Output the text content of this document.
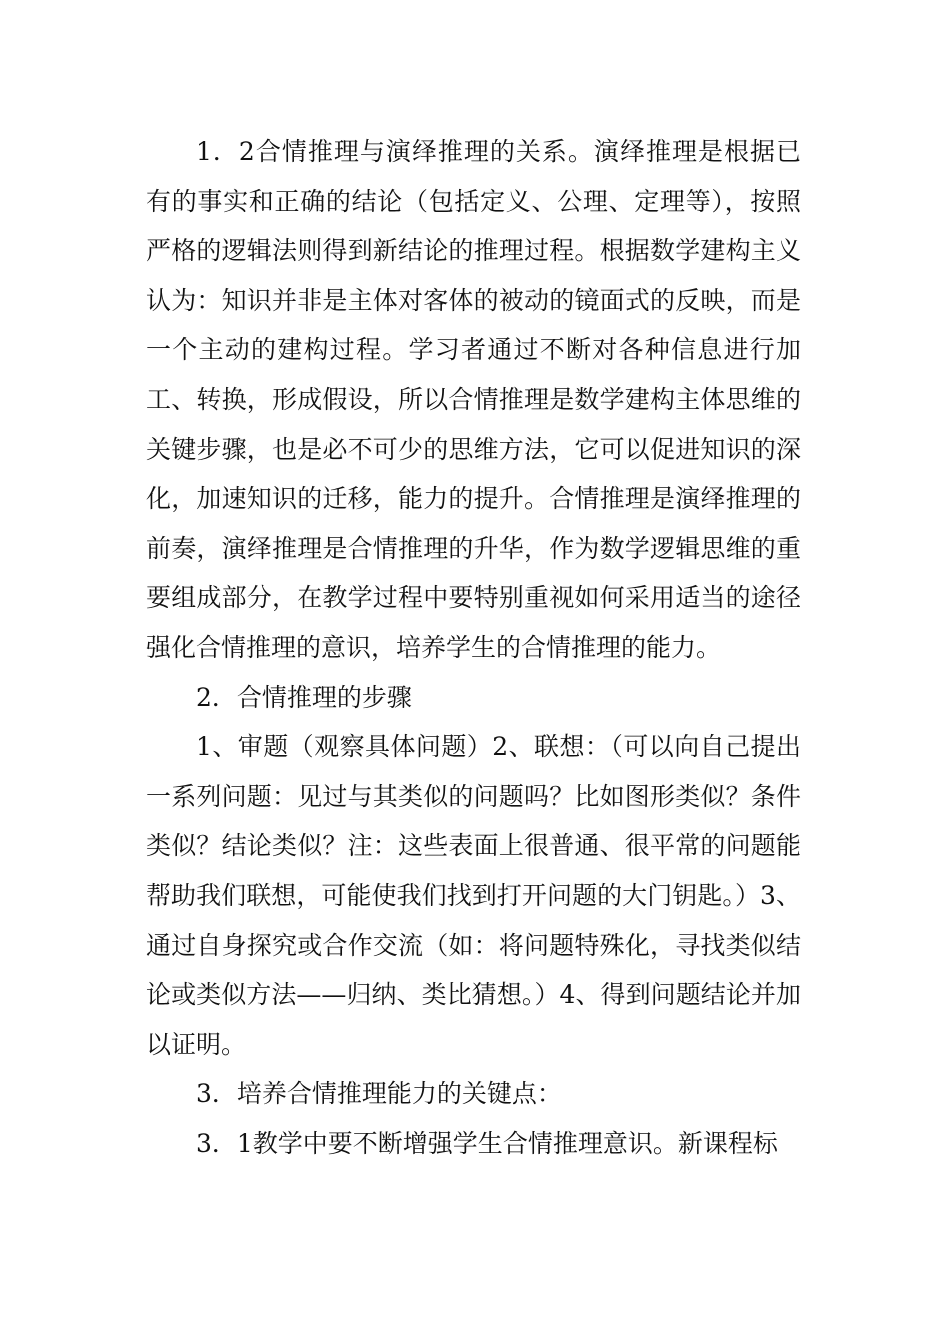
1．2合情推理与演绎推理的关系。演绎推理是根据已有的事实和正确的结论（包括定义、公理、定理等），按照严格的逻辑法则得到新结论的推理过程。根据数学建构主义认为：知识并非是主体对客体的被动的镜面式的反映，而是一个主动的建构过程。学习者通过不断对各种信息进行加工、转换，形成假设，所以合情推理是数学建构主体思维的关键步骤，也是必不可少的思维方法，它可以促进知识的深化，加速知识的迁移，能力的提升。合情推理是演绎推理的前奏，演绎推理是合情推理的升华，作为数学逻辑思维的重要组成部分，在教学过程中要特别重视如何采用适当的途径强化合情推理的意识，培养学生的合情推理的能力。

2．合情推理的步骤

1、审题（观察具体问题）2、联想：（可以向自己提出一系列问题：见过与其类似的问题吗？比如图形类似？条件类似？结论类似？注：这些表面上很普通、很平常的问题能帮助我们联想，可能使我们找到打开问题的大门钥匙。）3、通过自身探究或合作交流（如：将问题特殊化，寻找类似结论或类似方法——归纳、类比猜想。）4、得到问题结论并加以证明。

3．培养合情推理能力的关键点：

3．1教学中要不断增强学生合情推理意识。新课程标
